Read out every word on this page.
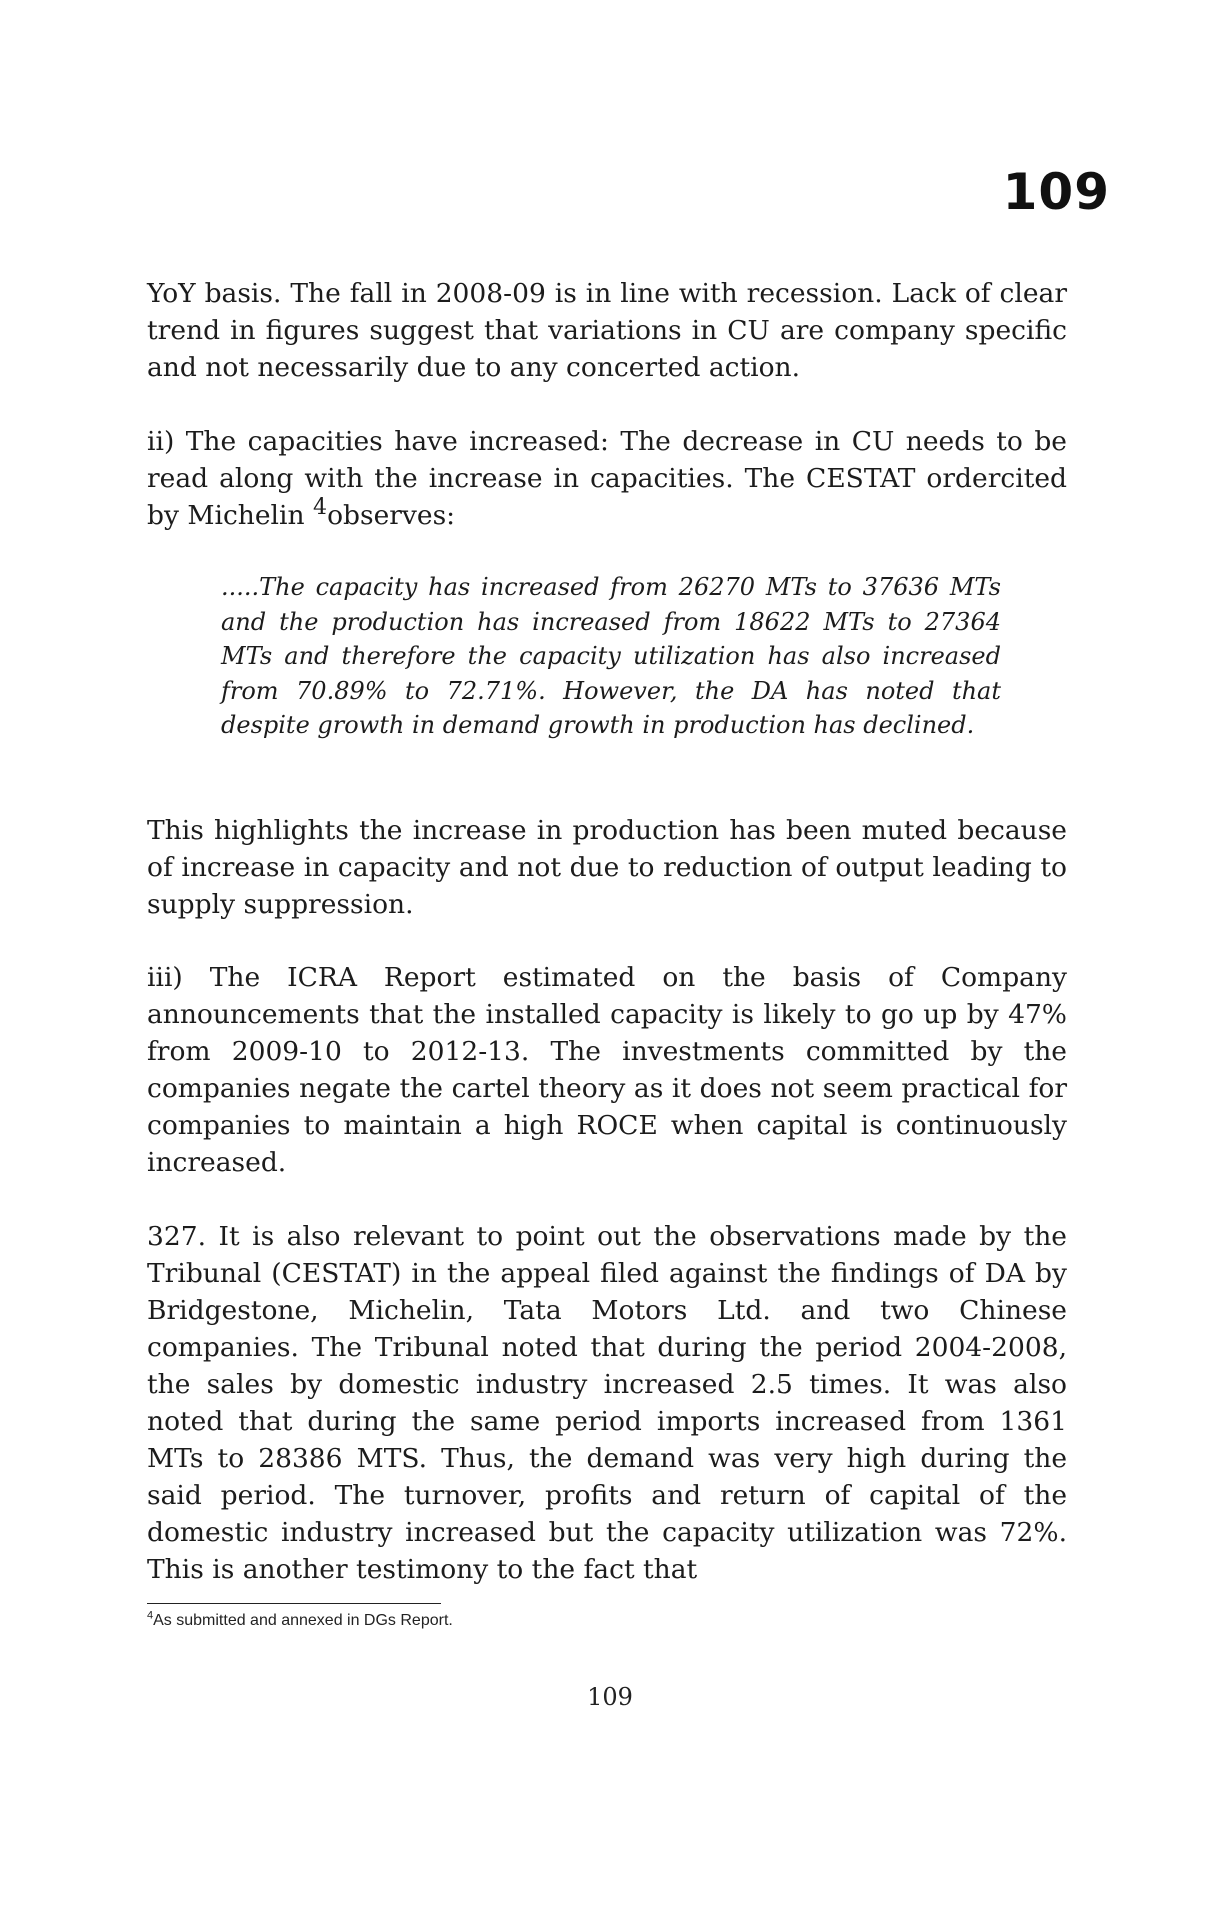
109

YoY basis. The fall in 2008-09 is in line with recession. Lack of clear trend in figures suggest that variations in CU are company specific and not necessarily due to any concerted action.

ii) The capacities have increased: The decrease in CU needs to be read along with the increase in capacities. The CESTAT ordercited by Michelin $^4$observes:

.....The capacity has increased from 26270 MTs to 37636 MTs and the production has increased from 18622 MTs to 27364 MTs and therefore the capacity utilization has also increased from 70.89% to 72.71%. However, the DA has noted that despite growth in demand growth in production has declined.

This highlights the increase in production has been muted because of increase in capacity and not due to reduction of output leading to supply suppression.

iii) The ICRA Report estimated on the basis of Company announcements that the installed capacity is likely to go up by 47% from 2009-10 to 2012-13. The investments committed by the companies negate the cartel theory as it does not seem practical for companies to maintain a high ROCE when capital is continuously increased.

327. It is also relevant to point out the observations made by the Tribunal (CESTAT) in the appeal filed against the findings of DA by Bridgestone, Michelin, Tata Motors Ltd. and two Chinese companies. The Tribunal noted that during the period 2004-2008, the sales by domestic industry increased 2.5 times. It was also noted that during the same period imports increased from 1361 MTs to 28386 MTS. Thus, the demand was very high during the said period. The turnover, profits and return of capital of the domestic industry increased but the capacity utilization was 72%. This is another testimony to the fact that

$^4$As submitted and annexed in DGs Report.
109
